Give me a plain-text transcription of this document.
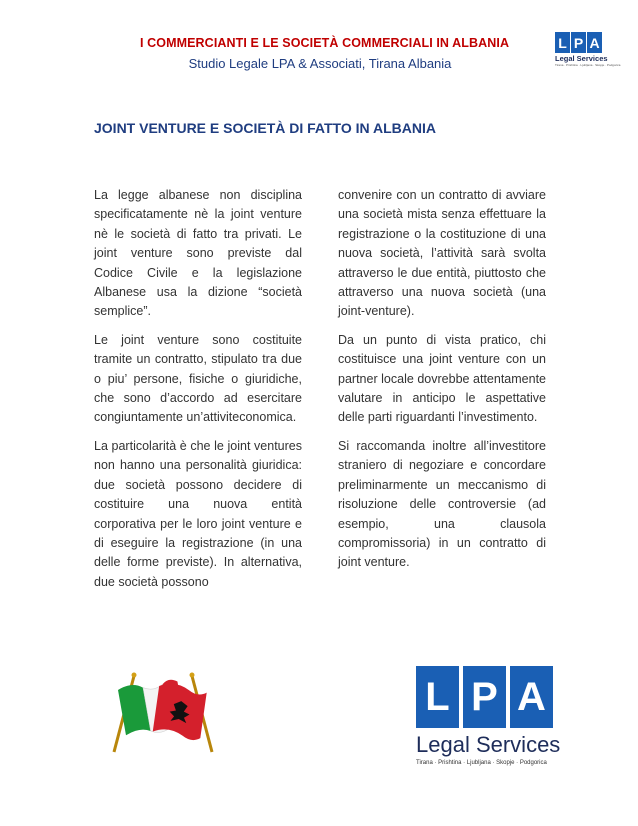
I COMMERCIANTI E LE SOCIETÀ COMMERCIALI IN ALBANIA
Studio Legale LPA & Associati, Tirana Albania
L P A
Legal Services
Tirana · Prishtina · Ljubljana · Skopje · Podgorica
JOINT VENTURE E SOCIETÀ DI FATTO IN ALBANIA

La legge albanese non disciplina specificatamente nè la joint venture nè le società di fatto tra privati. Le joint venture sono previste dal Codice Civile e la legislazione Albanese usa la dizione “società semplice”.

Le joint venture sono costituite tramite un contratto, stipulato tra due o piu’ persone, fisiche o giuridiche, che sono d’accordo ad esercitare congiuntamente un’attiviteconomica.

La particolarità è che le joint ventures non hanno una personalità giuridica: due società possono decidere di costituire una nuova entità corporativa per le loro joint venture e di eseguire la registrazione (in una delle forme previste). In alternativa, due società possono

convenire con un contratto di avviare una società mista senza effettuare la registrazione o la costituzione di una nuova società, l’attività sarà svolta attraverso le due entità, piuttosto che attraverso una nuova società (una joint-venture).

Da un punto di vista pratico, chi costituisce una joint venture con un partner locale dovrebbe attentamente valutare in anticipo le aspettative delle parti riguardanti l’investimento.

Si raccomanda inoltre all’investitore straniero di negoziare e concordare preliminarmente un meccanismo di risoluzione delle controversie (ad esempio, una clausola compromissoria) in un contratto di joint venture.

L P A
Legal Services
Tirana · Prishtina · Ljubljana · Skopje · Podgorica
